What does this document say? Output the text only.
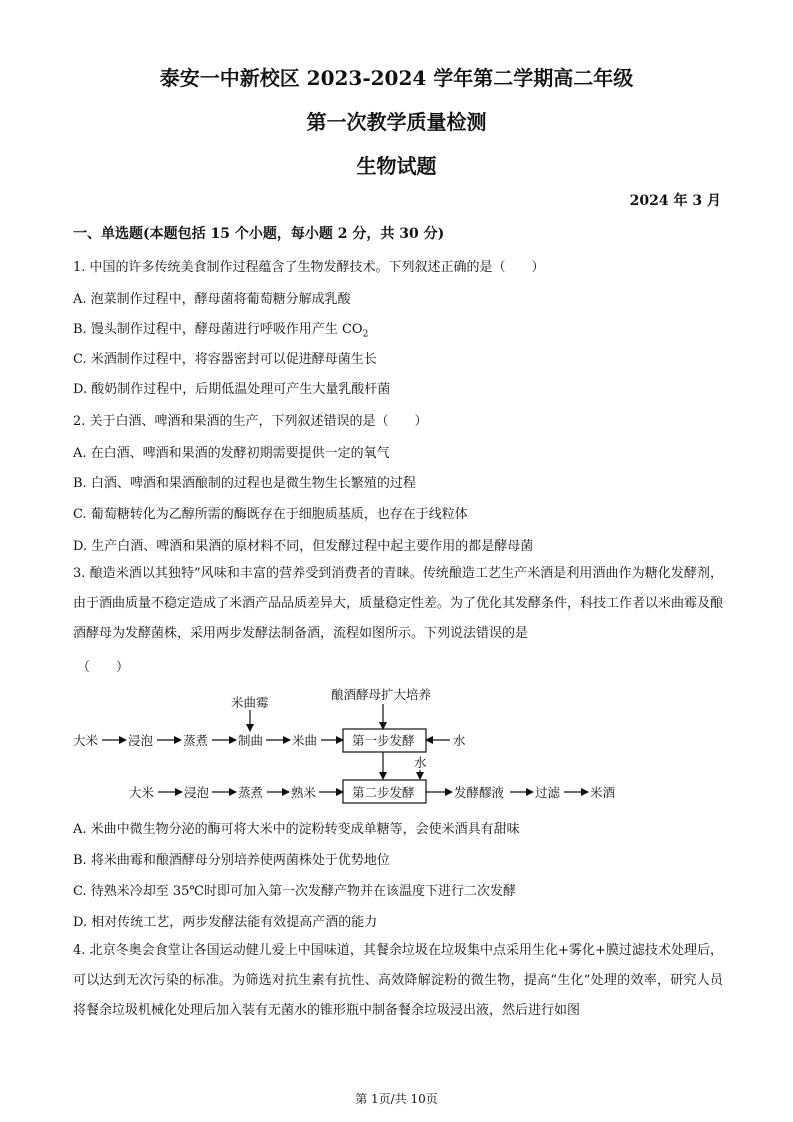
泰安一中新校区 2023-2024 学年第二学期高二年级
第一次教学质量检测
生物试题
2024 年 3 月
一、单选题(本题包括 15 个小题，每小题 2 分，共 30 分)
1. 中国的许多传统美食制作过程蕴含了生物发酵技术。下列叙述正确的是（　　）
A. 泡菜制作过程中，酵母菌将葡萄糖分解成乳酸
B. 馒头制作过程中，酵母菌进行呼吸作用产生 $CO_2$
C. 米酒制作过程中，将容器密封可以促进酵母菌生长
D. 酸奶制作过程中，后期低温处理可产生大量乳酸杆菌
2. 关于白酒、啤酒和果酒的生产，下列叙述错误的是（　　）
A. 在白酒、啤酒和果酒的发酵初期需要提供一定的氧气
B. 白酒、啤酒和果酒酿制的过程也是微生物生长繁殖的过程
C. 葡萄糖转化为乙醇所需的酶既存在于细胞质基质，也存在于线粒体
D. 生产白酒、啤酒和果酒的原材料不同，但发酵过程中起主要作用的都是酵母菌
3. 酿造米酒以其独特”风味和丰富的营养受到消费者的青睐。传统酿造工艺生产米酒是利用酒曲作为糖化发酵剂，由于酒曲质量不稳定造成了米酒产品品质差异大，质量稳定性差。为了优化其发酵条件，科技工作者以米曲霉及酿酒酵母为发酵菌株，采用两步发酵法制备酒，流程如图所示。下列说法错误的是
（　　）
米曲霉
酿酒酵母扩大培养
大米 浸泡 蒸煮 制曲 米曲	第一步发酵	水
水
大米 浸泡 蒸煮 熟米	第二步发酵	发酵醪液 过滤 米酒
A. 米曲中微生物分泌的酶可将大米中的淀粉转变成单糖等，会使米酒具有甜味
B. 将米曲霉和酿酒酵母分别培养使两菌株处于优势地位
C. 待熟米冷却至 35℃时即可加入第一次发酵产物并在该温度下进行二次发酵
D. 相对传统工艺，两步发酵法能有效提高产酒的能力
4. 北京冬奥会食堂让各国运动健儿爱上中国味道，其餐余垃圾在垃圾集中点采用生化+雾化+膜过滤技术处理后，可以达到无次污染的标准。为筛选对抗生素有抗性、高效降解淀粉的微生物，提高“生化”处理的效率，研究人员将餐余垃圾机械化处理后加入装有无菌水的锥形瓶中制备餐余垃圾浸出液，然后进行如图
第 1页/共 10页
